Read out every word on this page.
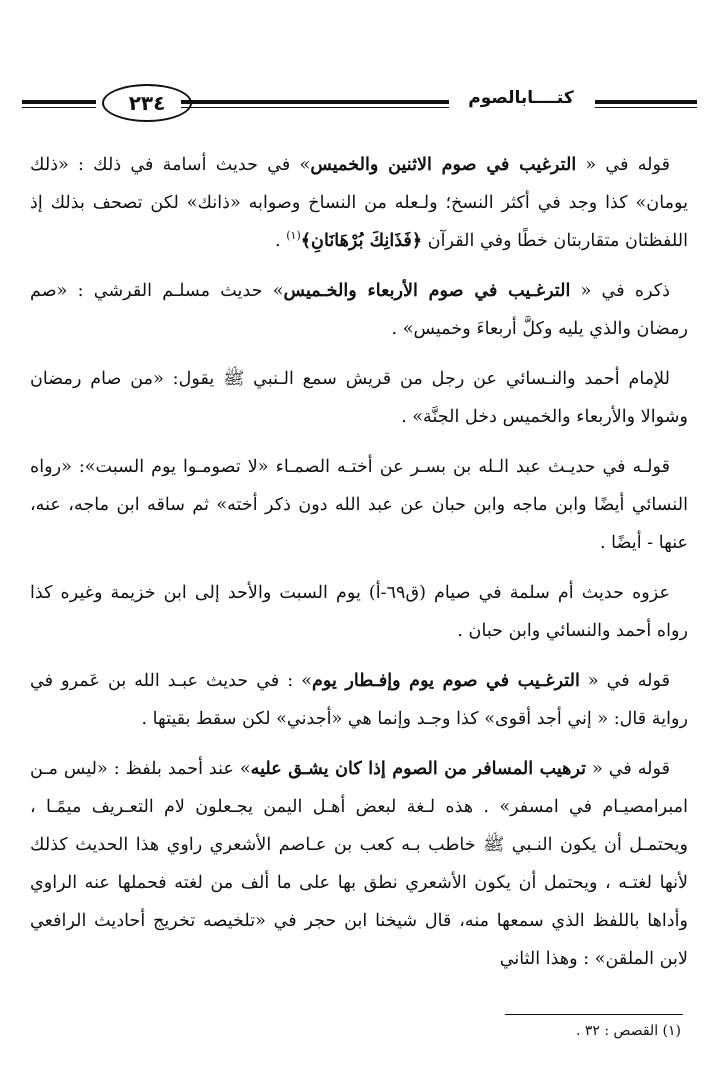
كتــــابالصوم
٢٣٤

قوله في « الترغيب في صوم الاثنين والخميس» في حديث أسامة في ذلك : «ذلك يومان» كذا وجد في أكثر النسخ؛ ولـعله من النساخ وصوابه «ذانك» لكن تصحف بذلك إذ اللفظتان متقاربتان خطًا وفي القرآن ﴿فَذَانِكَ بُرْهَانَانِ﴾$^{(١)}$ .

ذكره في « الترغـيب في صوم الأربعاء والخـميس» حديث مسلـم القرشي : «صم رمضان والذي يليه وكلَّ أربعاءَ وخميس» .

للإمام أحمد والنـسائي عن رجل من قريش سمع الـنبي ﷺ يقول: «من صام رمضان وشوالا والأربعاء والخميس دخل الجنَّة» .

قولـه في حديـث عبد الـله بن بسـر عن أختـه الصمـاء «لا تصومـوا يوم السبت»: «رواه النسائي أيضًا وابن ماجه وابن حبان عن عبد الله دون ذكر أخته» ثم ساقه ابن ماجه، عنه، عنها - أيضًا .

عزوه حديث أم سلمة في صيام (ق٦٩-أ) يوم السبت والأحد إلى ابن خزيمة وغيره كذا رواه أحمد والنسائي وابن حبان .

قوله في « الترغـيب في صوم يوم وإفـطار يوم» : في حديث عبـد الله بن عَمرو في رواية قال: « إني أجد أقوى» كذا وجـد وإنما هي «أجدني» لكن سقط بقيتها .

قوله في « ترهيب المسافر من الصوم إذا كان يشـق عليه» عند أحمد بلفظ : «ليس مـن امبرامصيـام في امسفر» . هذه لـغة لبعض أهـل اليمن يجـعلون لام التعـريف ميمًـا ، ويحتمـل أن يكون النـبي ﷺ خاطب بـه كعب بن عـاصم الأشعري راوي هذا الحديث كذلك لأنها لغتـه ، ويحتمل أن يكون الأشعري نطق بها على ما ألف من لغته فحملها عنه الراوي وأداها باللفظ الذي سمعها منه، قال شيخنا ابن حجر في «تلخيصه تخريج أحاديث الرافعي لابن الملقن» : وهذا الثاني

(١) القصص : ٣٢ .
